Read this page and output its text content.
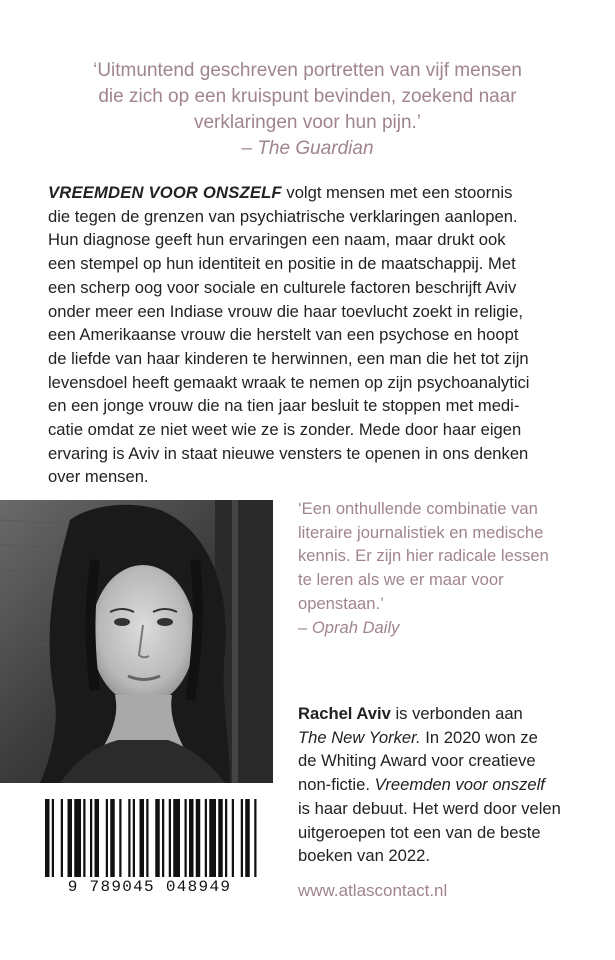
‘Uitmuntend geschreven portretten van vijf mensen
die zich op een kruispunt bevinden, zoekend naar
verklaringen voor hun pijn.’
– The Guardian
VREEMDEN VOOR ONSZELF volgt mensen met een stoornis
die tegen de grenzen van psychiatrische verklaringen aanlopen.
Hun diagnose geeft hun ervaringen een naam, maar drukt ook
een stempel op hun identiteit en positie in de maatschappij. Met
een scherp oog voor sociale en culturele factoren beschrijft Aviv
onder meer een Indiase vrouw die haar toevlucht zoekt in religie,
een Amerikaanse vrouw die herstelt van een psychose en hoopt
de liefde van haar kinderen te herwinnen, een man die het tot zijn
levensdoel heeft gemaakt wraak te nemen op zijn psychoanalytici
en een jonge vrouw die na tien jaar besluit te stoppen met medi-
catie omdat ze niet weet wie ze is zonder. Mede door haar eigen
ervaring is Aviv in staat nieuwe vensters te openen in ons denken
over mensen.
‘Een onthullende combinatie van
literaire journalistiek en medische
kennis. Er zijn hier radicale lessen
te leren als we er maar voor
openstaan.’
– Oprah Daily
Rachel Aviv is verbonden aan
The New Yorker. In 2020 won ze
de Whiting Award voor creatieve
non-fictie. Vreemden voor onszelf
is haar debuut. Het werd door velen
uitgeroepen tot een van de beste
boeken van 2022.
9 789045 048949	www.atlascontact.nl
